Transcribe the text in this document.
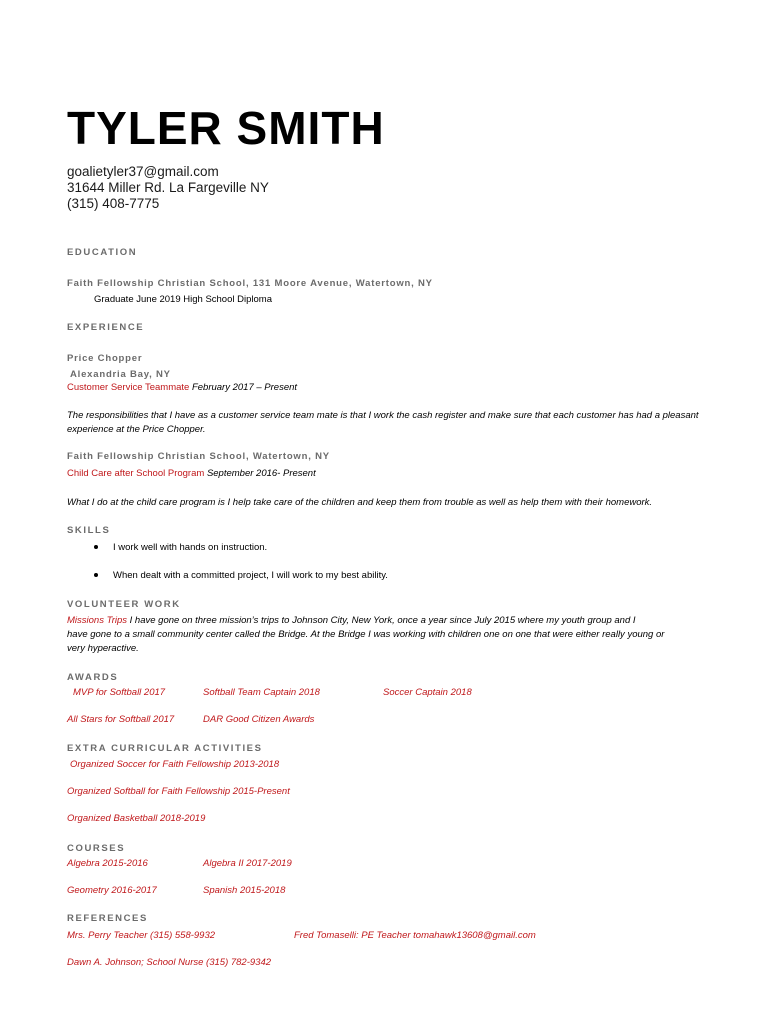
TYLER SMITH
goalietyler37@gmail.com
31644 Miller Rd. La Fargeville NY
(315) 408-7775
EDUCATION
Faith Fellowship Christian School, 131 Moore Avenue, Watertown, NY
Graduate June 2019 High School Diploma
EXPERIENCE
Price Chopper
Alexandria Bay, NY
Customer Service Teammate February 2017 – Present
The responsibilities that I have as a customer service team mate is that I work the cash register and make sure that each customer has had a pleasant experience at the Price Chopper.
Faith Fellowship Christian School, Watertown, NY
Child Care after School Program September 2016- Present
What I do at the child care program is I help take care of the children and keep them from trouble as well as help them with their homework.
SKILLS
I work well with hands on instruction.
When dealt with a committed project, I will work to my best ability.
VOLUNTEER WORK
Missions Trips I have gone on three mission’s trips to Johnson City, New York, once a year since July 2015 where my youth group and I
have gone to a small community center called the Bridge. At the Bridge I was working with children one on one that were either really young or
very hyperactive.
AWARDS
MVP for Softball 2017	Softball Team Captain 2018	Soccer Captain 2018
All Stars for Softball 2017	DAR Good Citizen Awards
EXTRA CURRICULAR ACTIVITIES
Organized Soccer for Faith Fellowship 2013-2018
Organized Softball for Faith Fellowship 2015-Present
Organized Basketball 2018-2019
COURSES
Algebra 2015-2016	Algebra II 2017-2019
Geometry 2016-2017	Spanish 2015-2018
REFERENCES
Mrs. Perry Teacher (315) 558-9932	Fred Tomaselli: PE Teacher tomahawk13608@gmail.com
Dawn A. Johnson; School Nurse (315) 782-9342
